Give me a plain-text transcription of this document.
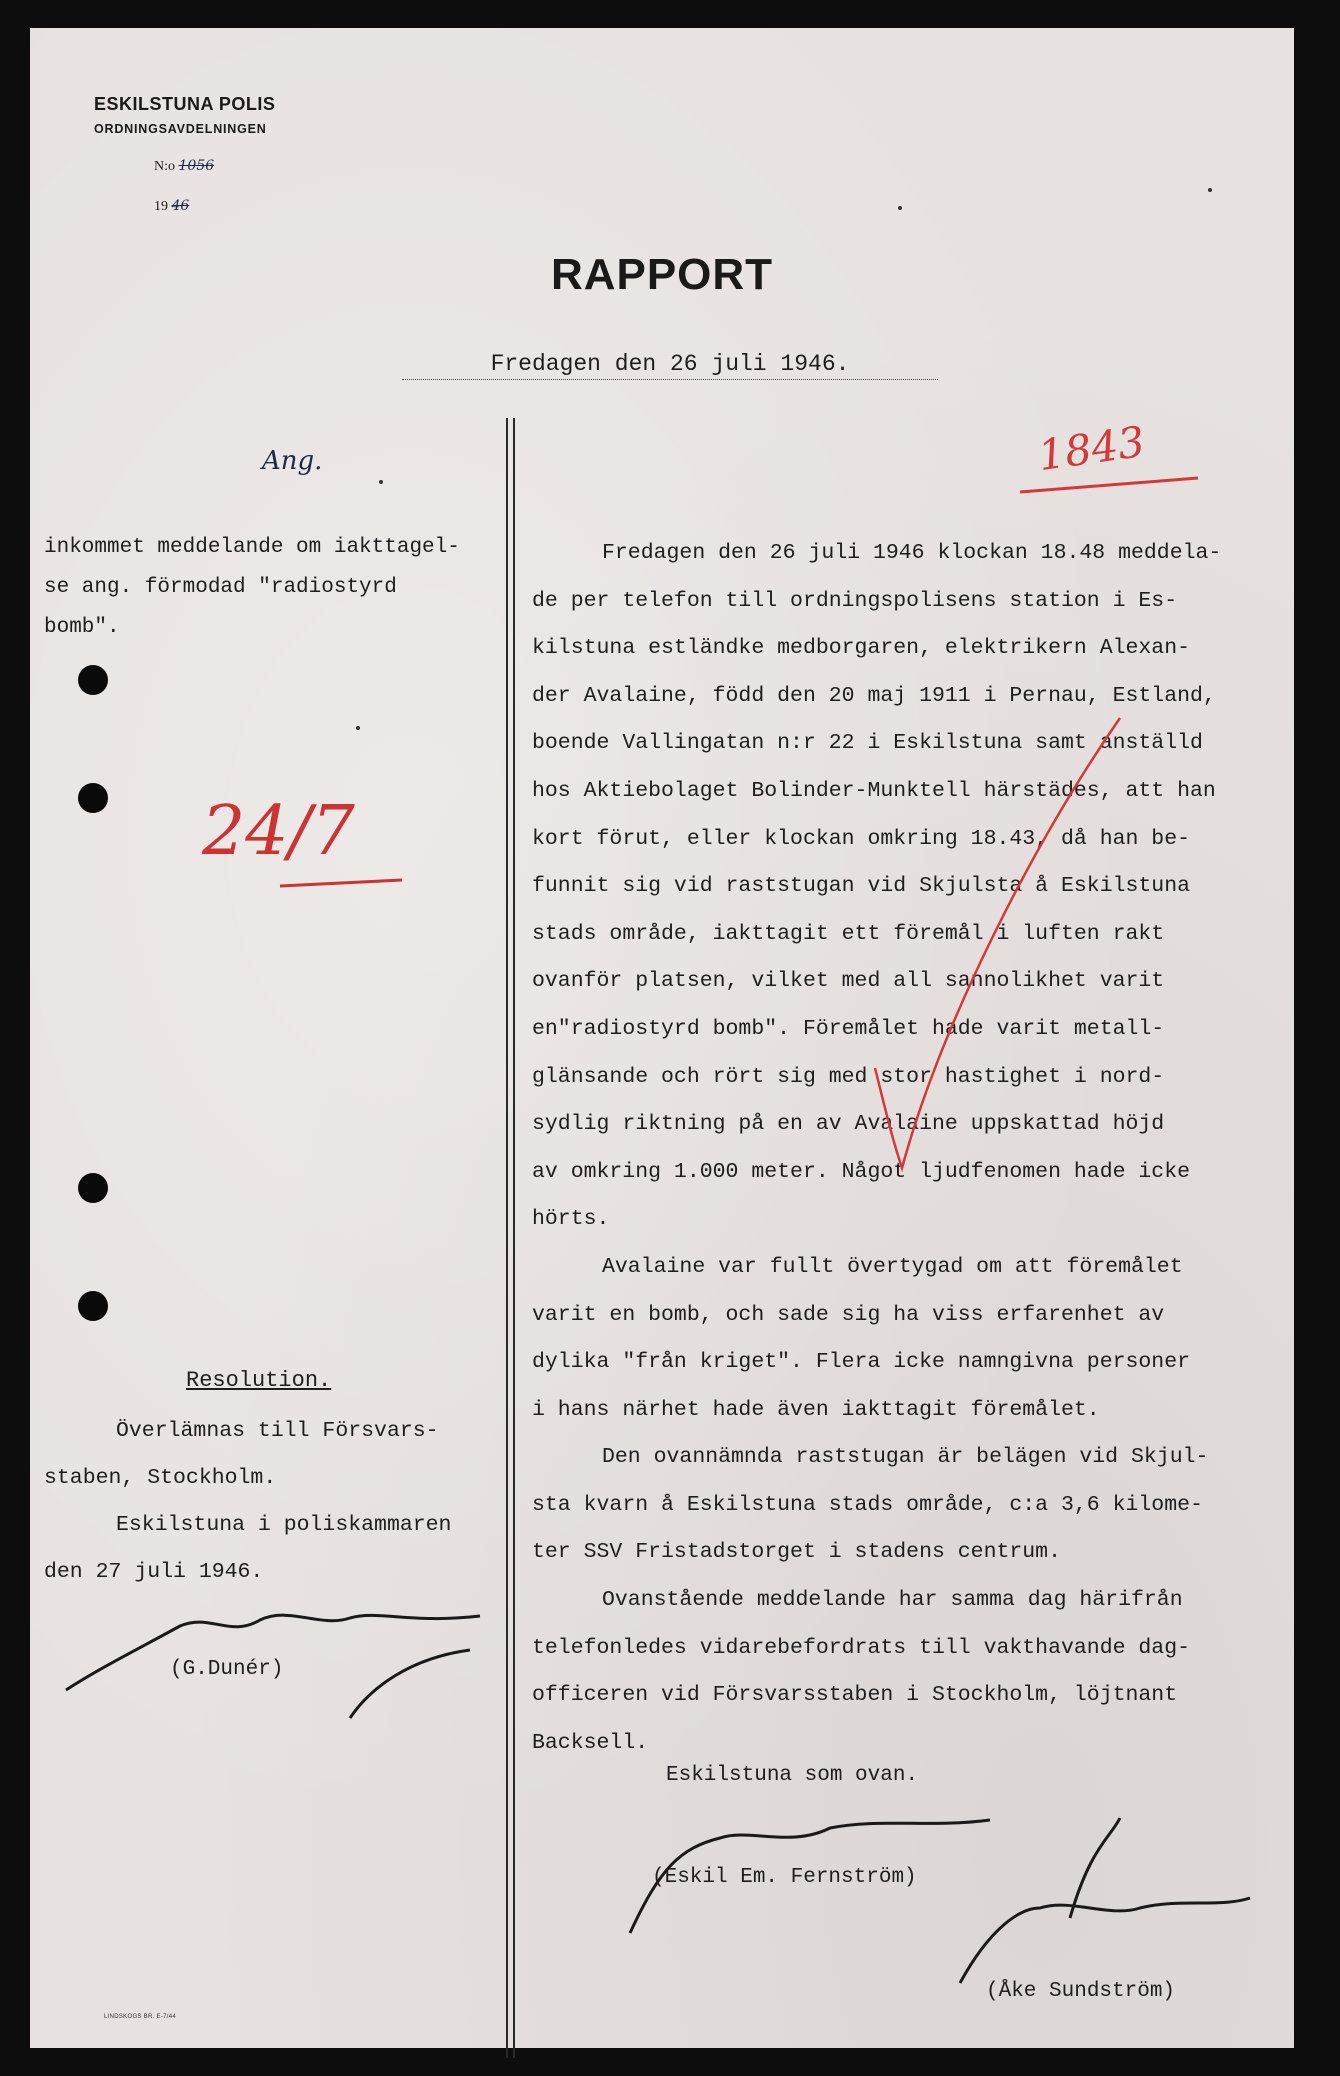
ESKILSTUNA POLIS
ORDNINGSAVDELNINGEN
N:o 1056
19 46
RAPPORT
Fredagen den 26 juli 1946.
1843
Ang.
inkommet meddelande om iakttagel-
se ang. förmodad "radiostyrd
bomb".
24/7
Resolution.
Överlämnas till Försvars-
staben, Stockholm.
Eskilstuna i poliskammaren
den 27 juli 1946.
(G.Dunér)

Fredagen den 26 juli 1946 klockan 18.48 meddela-

de per telefon till ordningspolisens station i Es-

kilstuna estländke medborgaren, elektrikern Alexan-

der Avalaine, född den 20 maj 1911 i Pernau, Estland,

boende Vallingatan n:r 22 i Eskilstuna samt anställd

hos Aktiebolaget Bolinder-Munktell härstädes, att han

kort förut, eller klockan omkring 18.43, då han be-

funnit sig vid raststugan vid Skjulsta å Eskilstuna

stads område, iakttagit ett föremål i luften rakt

ovanför platsen, vilket med all sannolikhet varit

en"radiostyrd bomb". Föremålet hade varit metall-

glänsande och rört sig med stor hastighet i nord-

sydlig riktning på en av Avalaine uppskattad höjd

av omkring 1.000 meter. Något ljudfenomen hade icke

hörts.

Avalaine var fullt övertygad om att föremålet

varit en bomb, och sade sig ha viss erfarenhet av

dylika "från kriget". Flera icke namngivna personer

i hans närhet hade även iakttagit föremålet.

Den ovannämnda raststugan är belägen vid Skjul-

sta kvarn å Eskilstuna stads område, c:a 3,6 kilome-

ter SSV Fristadstorget i stadens centrum.

Ovanstående meddelande har samma dag härifrån

telefonledes vidarebefordrats till vakthavande dag-

officeren vid Försvarsstaben i Stockholm, löjtnant

Backsell.

Eskilstuna som ovan.
(Eskil Em. Fernström)
(Åke Sundström)
LINDSKOGS BR. E-7/44
